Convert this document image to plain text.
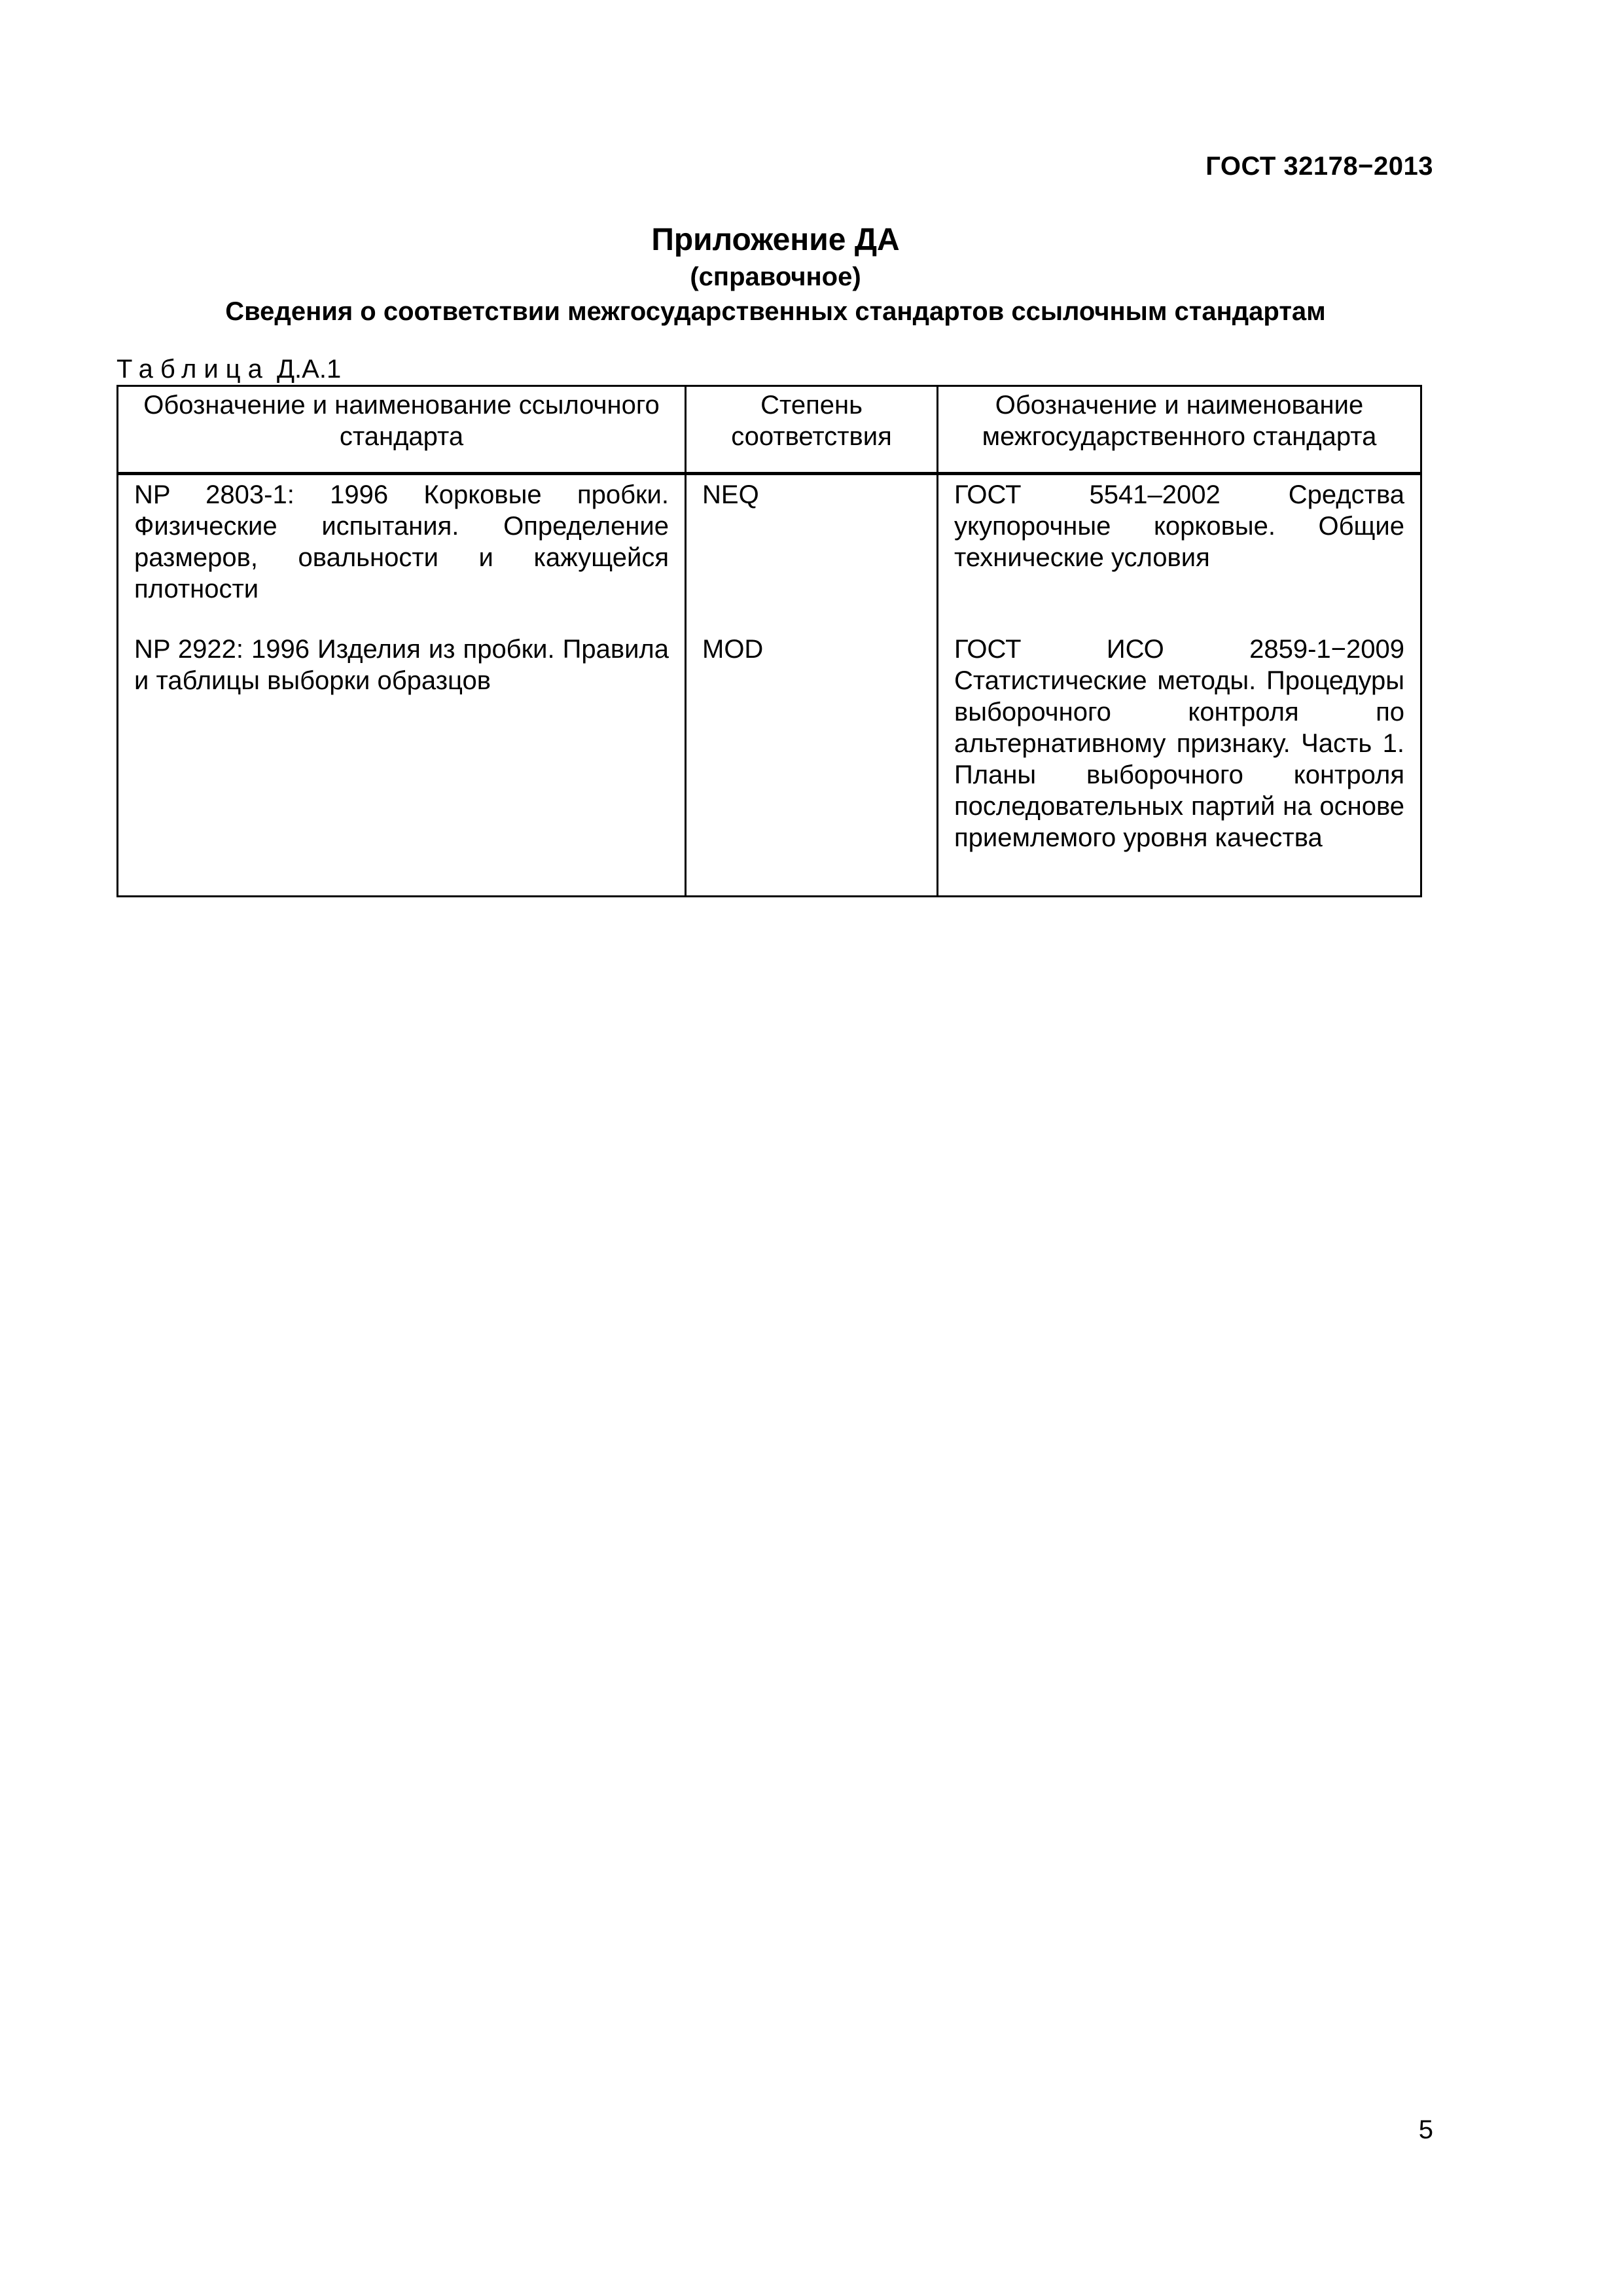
ГОСТ 32178−2013
Приложение ДА
(справочное)
Сведения о соответствии межгосударственных стандартов ссылочным стандартам
Таблица Д.А.1
Обозначение и наименование ссылочного стандарта	Степень соответствия	Обозначение и наименование межгосударственного стандарта
NP 2803-1: 1996 Корковые пробки. Физические испытания. Определение размеров, овальности и кажущейся плотности	NEQ	ГОСТ 5541–2002 Средства укупорочные корковые. Общие технические условия
NP 2922: 1996 Изделия из пробки. Правила и таблицы выборки образцов	MOD	ГОСТ ИСО 2859-1−2009 Статистические методы. Процедуры выборочного контроля по альтернативному признаку. Часть 1. Планы выборочного контроля последовательных партий на основе приемлемого уровня качества
5
